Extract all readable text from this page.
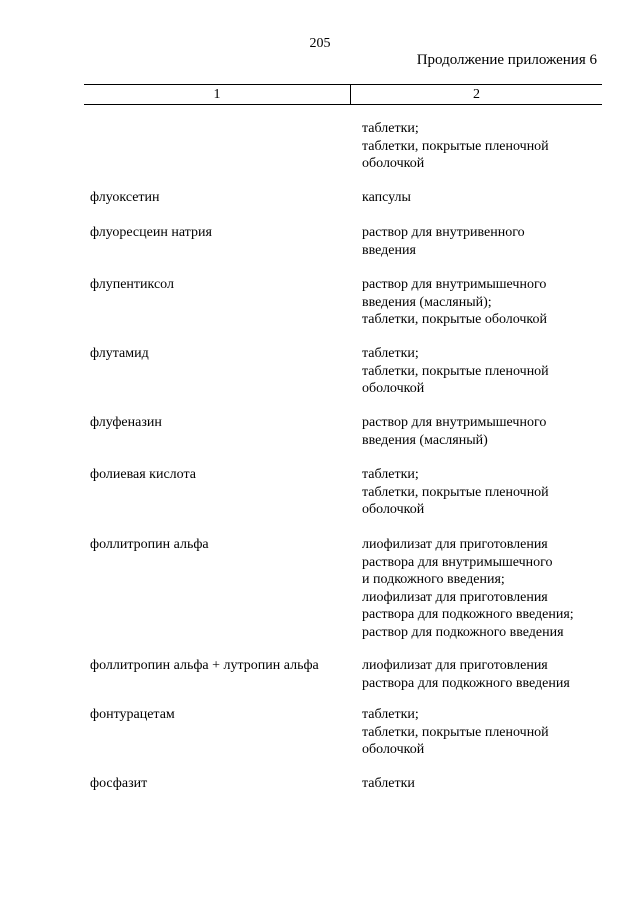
205
Продолжение приложения 6
1	2
таблетки;
таблетки, покрытые пленочной
оболочкой
флуоксетин	капсулы
флуоресцеин натрия	раствор для внутривенного
введения
флупентиксол	раствор для внутримышечного
введения (масляный);
таблетки, покрытые оболочкой
флутамид	таблетки;
таблетки, покрытые пленочной
оболочкой
флуфеназин	раствор для внутримышечного
введения (масляный)
фолиевая кислота	таблетки;
таблетки, покрытые пленочной
оболочкой
фоллитропин альфа	лиофилизат для приготовления
раствора для внутримышечного
и подкожного введения;
лиофилизат для приготовления
раствора для подкожного введения;
раствор для подкожного введения
фоллитропин альфа + лутропин альфа	лиофилизат для приготовления
раствора для подкожного введения
фонтурацетам	таблетки;
таблетки, покрытые пленочной
оболочкой
фосфазит	таблетки
